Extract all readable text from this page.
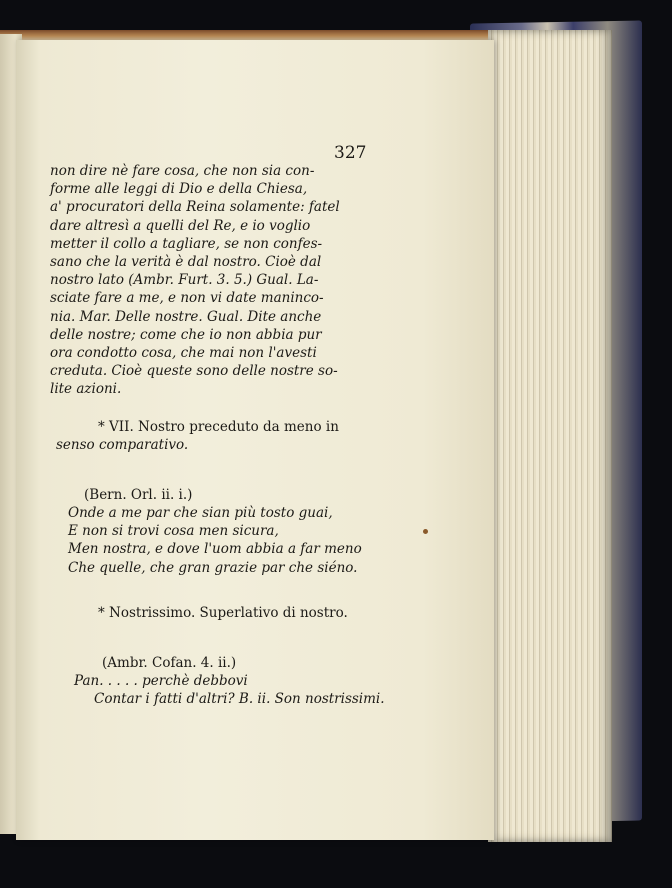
327
non dire nè fare cosa, che non sia con-
forme alle leggi di Dio e della Chiesa,
a' procuratori della Reina solamente: fatel
dare altresì a quelli del Re, e io voglio
metter il collo a tagliare, se non confes-
sano che la verità è dal nostro. Cioè dal
nostro lato (Ambr. Furt. 3. 5.) Gual. La-
sciate fare a me, e non vi date maninco-
nia. Mar. Delle nostre. Gual. Dite anche
delle nostre; come che io non abbia pur
ora condotto cosa, che mai non l'avesti
creduta. Cioè queste sono delle nostre so-
lite azioni.
* VII. Nostro preceduto da meno in
senso comparativo.
(Bern. Orl. ii. i.)
Onde a me par che sian più tosto guai,
E non si trovi cosa men sicura,
Men nostra, e dove l'uom abbia a far meno
Che quelle, che gran grazie par che siéno.
* Nostrissimo. Superlativo di nostro.
(Ambr. Cofan. 4. ii.)
Pan. . . . . perchè debbovi
Contar i fatti d'altri? B. ii. Son nostrissimi.
